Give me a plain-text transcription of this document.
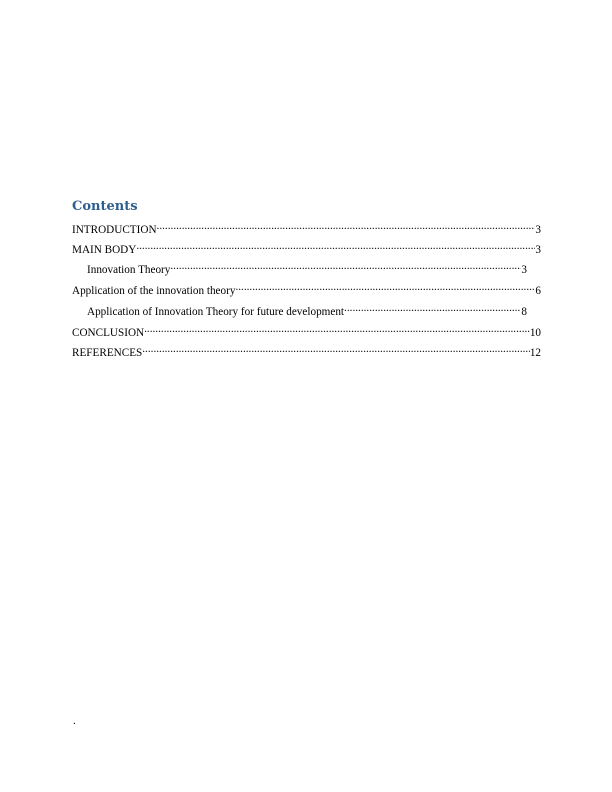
Contents
INTRODUCTION .....	3
MAIN BODY .....	3
Innovation Theory .....	3
Application of the innovation theory .....	6
Application of Innovation Theory for future development .....	8
CONCLUSION .....	10
REFERENCES .....	12
.
